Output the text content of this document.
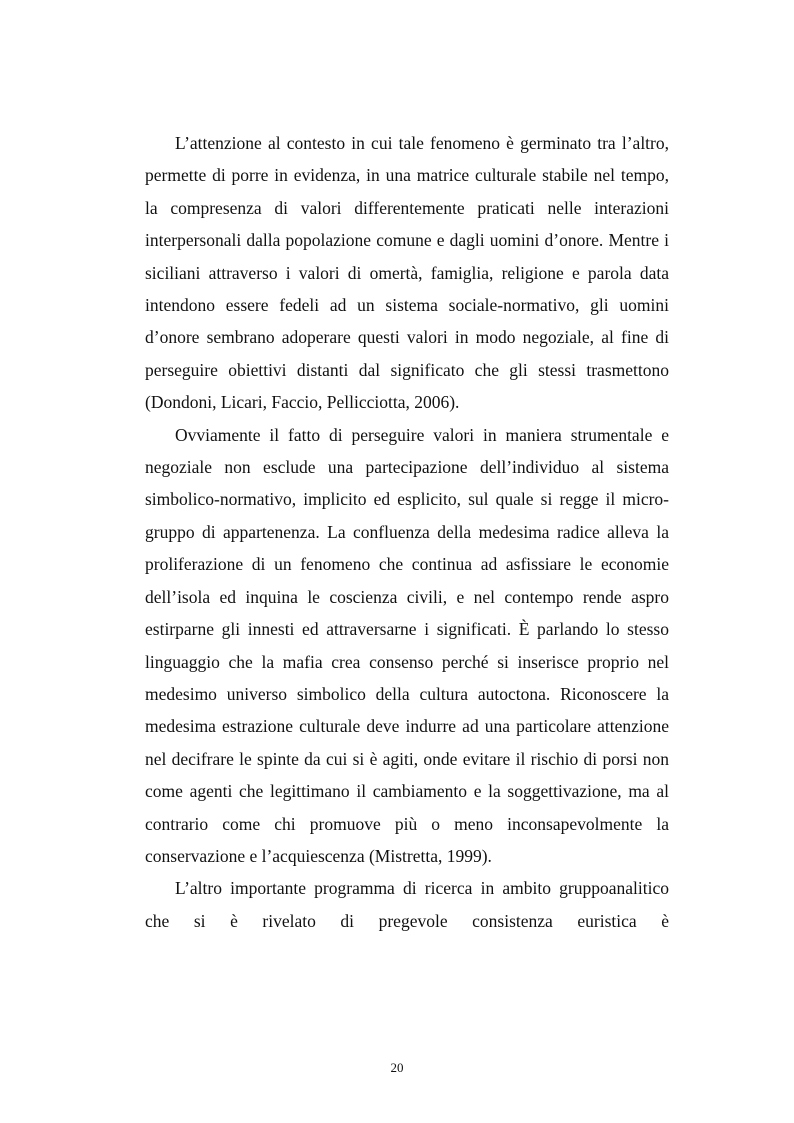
L’attenzione al contesto in cui tale fenomeno è germinato tra l’altro, permette di porre in evidenza, in una matrice culturale stabile nel tempo, la compresenza di valori differentemente praticati nelle interazioni interpersonali dalla popolazione comune e dagli uomini d’onore. Mentre i siciliani attraverso i valori di omertà, famiglia, religione e parola data intendono essere fedeli ad un sistema sociale-normativo, gli uomini d’onore sembrano adoperare questi valori in modo negoziale, al fine di perseguire obiettivi distanti dal significato che gli stessi trasmettono (Dondoni, Licari, Faccio, Pellicciotta, 2006).

Ovviamente il fatto di perseguire valori in maniera strumentale e negoziale non esclude una partecipazione dell’individuo al sistema simbolico-normativo, implicito ed esplicito, sul quale si regge il micro-gruppo di appartenenza. La confluenza della medesima radice alleva la proliferazione di un fenomeno che continua ad asfissiare le economie dell’isola ed inquina le coscienza civili, e nel contempo rende aspro estirparne gli innesti ed attraversarne i significati. È parlando lo stesso linguaggio che la mafia crea consenso perché si inserisce proprio nel medesimo universo simbolico della cultura autoctona. Riconoscere la medesima estrazione culturale deve indurre ad una particolare attenzione nel decifrare le spinte da cui si è agiti, onde evitare il rischio di porsi non come agenti che legittimano il cambiamento e la soggettivazione, ma al contrario come chi promuove più o meno inconsapevolmente la conservazione e l’acquiescenza (Mistretta, 1999).

L’altro importante programma di ricerca in ambito gruppoanalitico che si è rivelato di pregevole consistenza euristica è

20
